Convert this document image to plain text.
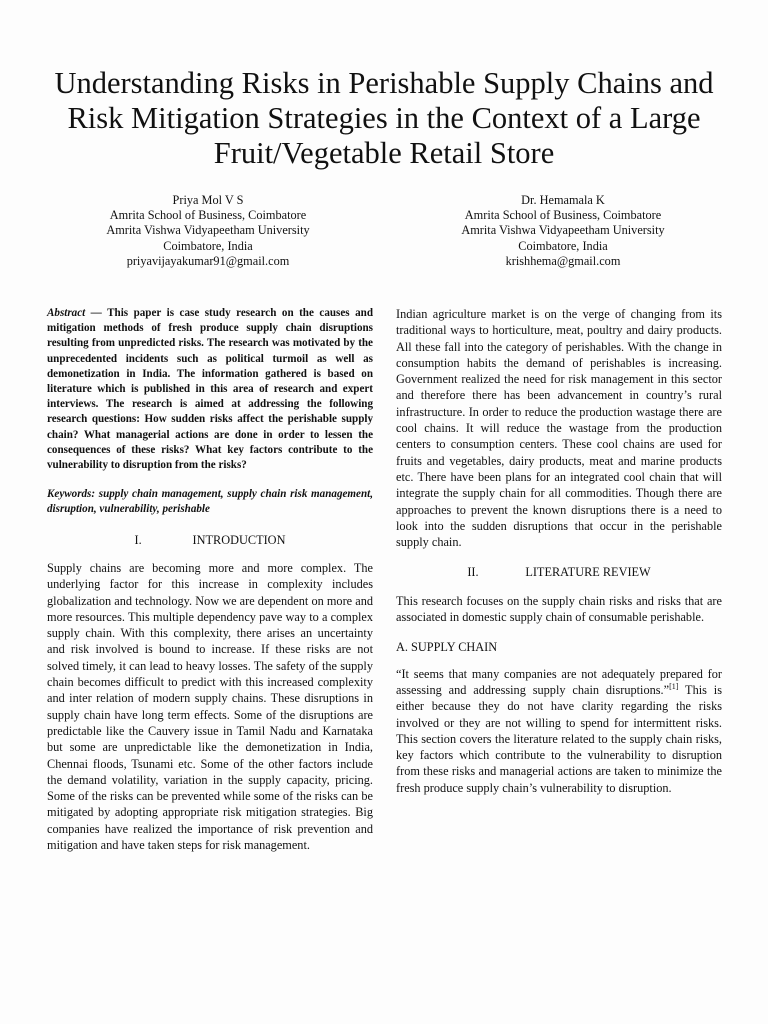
Understanding Risks in Perishable Supply Chains and Risk Mitigation Strategies in the Context of a Large Fruit/Vegetable Retail Store
Priya Mol V S
Amrita School of Business, Coimbatore
Amrita Vishwa Vidyapeetham University
Coimbatore, India
priyavijayakumar91@gmail.com
Dr. Hemamala K
Amrita School of Business, Coimbatore
Amrita Vishwa Vidyapeetham University
Coimbatore, India
krishhema@gmail.com

Abstract — This paper is case study research on the causes and mitigation methods of fresh produce supply chain disruptions resulting from unpredicted risks. The research was motivated by the unprecedented incidents such as political turmoil as well as demonetization in India. The information gathered is based on literature which is published in this area of research and expert interviews. The research is aimed at addressing the following research questions: How sudden risks affect the perishable supply chain? What managerial actions are done in order to lessen the consequences of these risks? What key factors contribute to the vulnerability to disruption from the risks?

Keywords: supply chain management, supply chain risk management, disruption, vulnerability, perishable

I.	INTRODUCTION

Supply chains are becoming more and more complex. The underlying factor for this increase in complexity includes globalization and technology. Now we are dependent on more and more resources. This multiple dependency pave way to a complex supply chain. With this complexity, there arises an uncertainty and risk involved is bound to increase. If these risks are not solved timely, it can lead to heavy losses. The safety of the supply chain becomes difficult to predict with this increased complexity and inter relation of modern supply chains. These disruptions in supply chain have long term effects. Some of the disruptions are predictable like the Cauvery issue in Tamil Nadu and Karnataka but some are unpredictable like the demonetization in India, Chennai floods, Tsunami etc. Some of the other factors include the demand volatility, variation in the supply capacity, pricing. Some of the risks can be prevented while some of the risks can be mitigated by adopting appropriate risk mitigation strategies. Big companies have realized the importance of risk prevention and mitigation and have taken steps for risk management.

Indian agriculture market is on the verge of changing from its traditional ways to horticulture, meat, poultry and dairy products. All these fall into the category of perishables. With the change in consumption habits the demand of perishables is increasing. Government realized the need for risk management in this sector and therefore there has been advancement in country’s rural infrastructure. In order to reduce the production wastage there are cool chains. It will reduce the wastage from the production centers to consumption centers. These cool chains are used for fruits and vegetables, dairy products, meat and marine products etc. There have been plans for an integrated cool chain that will integrate the supply chain for all commodities. Though there are approaches to prevent the known disruptions there is a need to look into the sudden disruptions that occur in the perishable supply chain.

II.	LITERATURE REVIEW

This research focuses on the supply chain risks and risks that are associated in domestic supply chain of consumable perishable.

A. SUPPLY CHAIN

“It seems that many companies are not adequately prepared for assessing and addressing supply chain disruptions.”[1] This is either because they do not have clarity regarding the risks involved or they are not willing to spend for intermittent risks. This section covers the literature related to the supply chain risks, key factors which contribute to the vulnerability to disruption from these risks and managerial actions are taken to minimize the fresh produce supply chain’s vulnerability to disruption.
